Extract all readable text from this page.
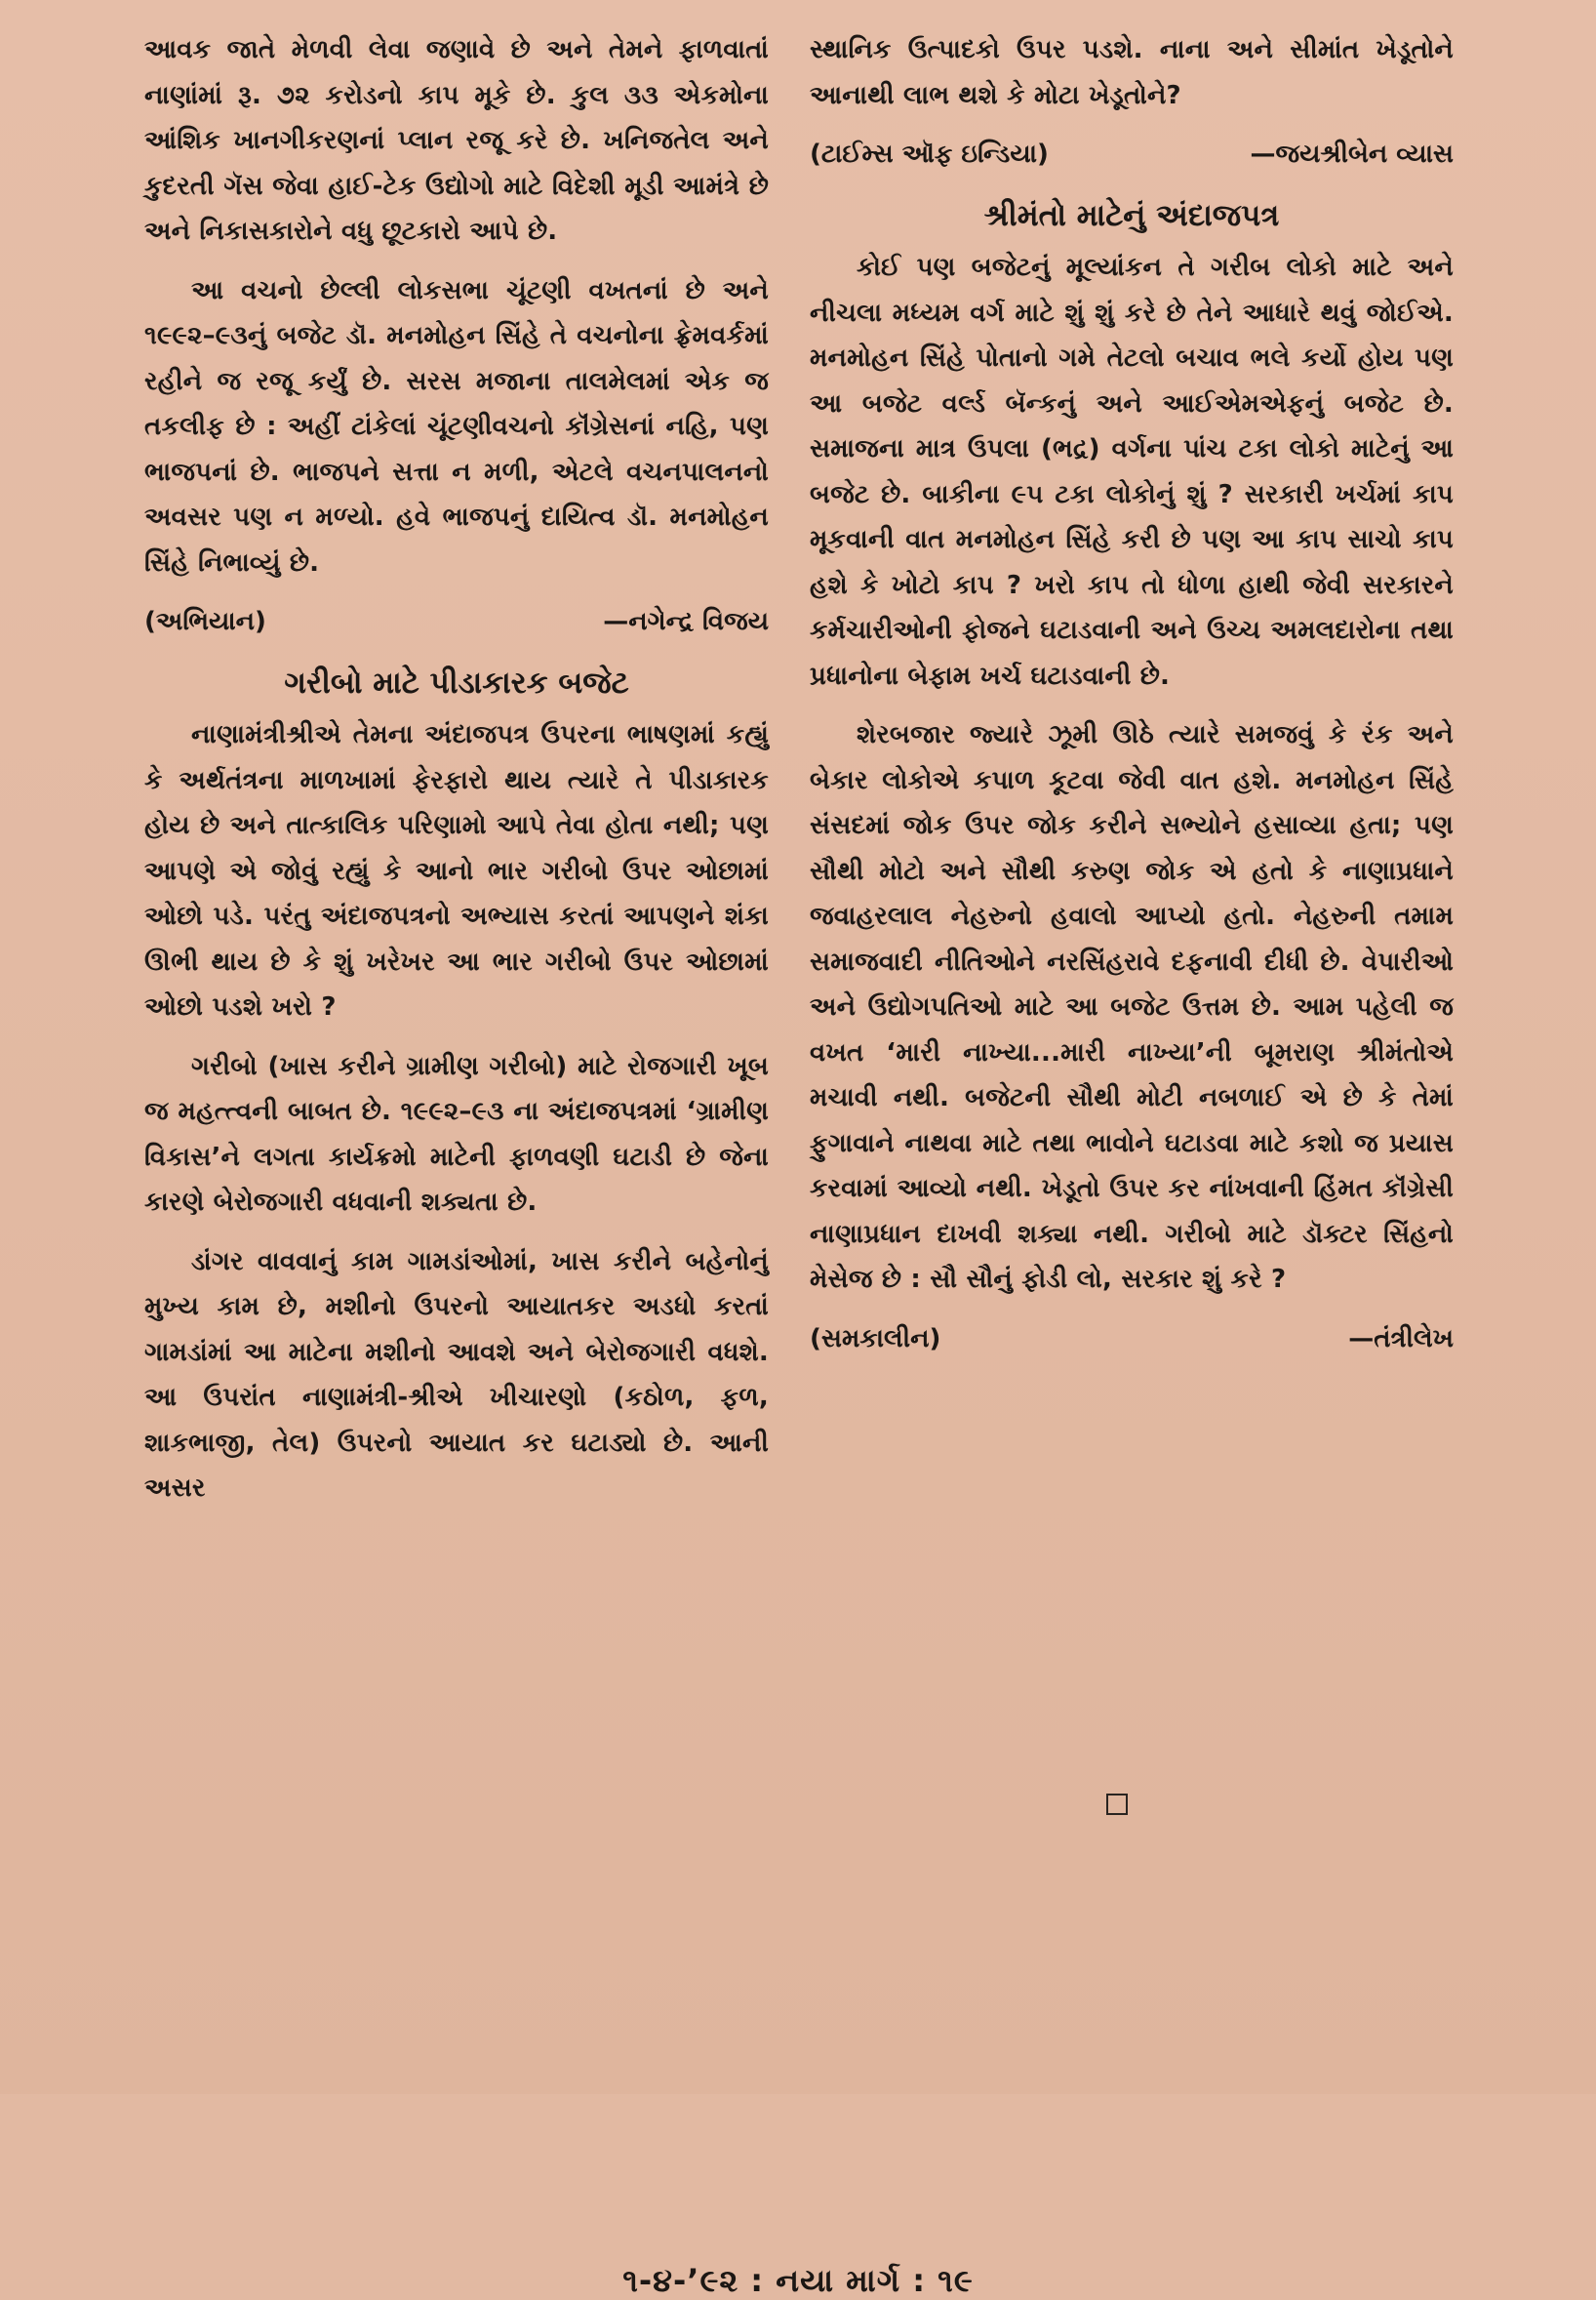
આવક જાતે મેળવી લેવા જણાવે છે અને તેમને ફાળવાતાં નાણાંમાં રૂ. ૭૨ કરોડનો કાપ મૂકે છે. કુલ ૩૩ એકમોના આંશિક ખાનગીકરણનાં પ્લાન રજૂ કરે છે. ખનિજતેલ અને કુદરતી ગૅસ જેવા હાઈ-ટેક ઉદ્યોગો માટે વિદેશી મૂડી આમંત્રે છે અને નિકાસકારોને વધુ છૂટકારો આપે છે.

આ વચનો છેલ્લી લોકસભા ચૂંટણી વખતનાં છે અને ૧૯૯૨–૯૩નું બજેટ ડૉ. મનમોહન સિંહે તે વચનોના ફ્રેમવર્કમાં રહીને જ રજૂ કર્યું છે. સરસ મજાના તાલમેલમાં એક જ તકલીફ છે : અહીં ટાંકેલાં ચૂંટણીવચનો કૉંગ્રેસનાં નહિ, પણ ભાજપનાં છે. ભાજપને સત્તા ન મળી, એટલે વચનપાલનનો અવસર પણ ન મળ્યો. હવે ભાજપનું દાયિત્વ ડૉ. મનમોહન સિંહે નિભાવ્યું છે.

(અભિયાન)	—નગેન્દ્ર વિજય
ગરીબો માટે પીડાકારક બજેટ

નાણામંત્રીશ્રીએ તેમના અંદાજપત્ર ઉપરના ભાષણમાં કહ્યું કે અર્થતંત્રના માળખામાં ફેરફારો થાય ત્યારે તે પીડાકારક હોય છે અને તાત્કાલિક પરિણામો આપે તેવા હોતા નથી; પણ આપણે એ જોવું રહ્યું કે આનો ભાર ગરીબો ઉપર ઓછામાં ઓછો પડે. પરંતુ અંદાજપત્રનો અભ્યાસ કરતાં આપણને શંકા ઊભી થાય છે કે શું ખરેખર આ ભાર ગરીબો ઉપર ઓછામાં ઓછો પડશે ખરો ?

ગરીબો (ખાસ કરીને ગ્રામીણ ગરીબો) માટે રોજગારી ખૂબ જ મહત્ત્વની બાબત છે. ૧૯૯૨–૯૩ ના અંદાજપત્રમાં ‘ગ્રામીણ વિકાસ’ને લગતા કાર્યક્રમો માટેની ફાળવણી ઘટાડી છે જેના કારણે બેરોજગારી વધવાની શક્યતા છે.

ડાંગર વાવવાનું કામ ગામડાંઓમાં, ખાસ કરીને બહેનોનું મુખ્ય કામ છે, મશીનો ઉપરનો આયાતકર અડધો કરતાં ગામડાંમાં આ માટેના મશીનો આવશે અને બેરોજગારી વધશે. આ ઉપરાંત નાણામંત્રી-શ્રીએ ખીચારણો (કઠોળ, ફળ, શાકભાજી, તેલ) ઉપરનો આયાત કર ઘટાડ્યો છે. આની અસર

સ્થાનિક ઉત્પાદકો ઉપર પડશે. નાના અને સીમાંત ખેડૂતોને આનાથી લાભ થશે કે મોટા ખેડૂતોને?

(ટાઈમ્સ ઑફ ઇન્ડિયા)	—જયશ્રીબેન વ્યાસ
શ્રીમંતો માટેનું અંદાજપત્ર

કોઈ પણ બજેટનું મૂલ્યાંકન તે ગરીબ લોકો માટે અને નીચલા મધ્યમ વર્ગ માટે શું શું કરે છે તેને આધારે થવું જોઈએ. મનમોહન સિંહે પોતાનો ગમે તેટલો બચાવ ભલે કર્યો હોય પણ આ બજેટ વર્લ્ડ બૅન્કનું અને આઈએમએફનું બજેટ છે. સમાજના માત્ર ઉપલા (ભદ્ર) વર્ગના પાંચ ટકા લોકો માટેનું આ બજેટ છે. બાકીના ૯૫ ટકા લોકોનું શું ? સરકારી ખર્ચમાં કાપ મૂકવાની વાત મનમોહન સિંહે કરી છે પણ આ કાપ સાચો કાપ હશે કે ખોટો કાપ ? ખરો કાપ તો ધોળા હાથી જેવી સરકારને કર્મચારીઓની ફોજને ઘટાડવાની અને ઉચ્ચ અમલદારોના તથા પ્રધાનોના બેફામ ખર્ચ ઘટાડવાની છે.

શેરબજાર જ્યારે ઝૂમી ઊઠે ત્યારે સમજવું કે રંક અને બેકાર લોકોએ કપાળ કૂટવા જેવી વાત હશે. મનમોહન સિંહે સંસદમાં જોક ઉપર જોક કરીને સભ્યોને હસાવ્યા હતા; પણ સૌથી મોટો અને સૌથી કરુણ જોક એ હતો કે નાણાપ્રધાને જવાહરલાલ નેહરુનો હવાલો આપ્યો હતો. નેહરુની તમામ સમાજવાદી નીતિઓને નરસિંહરાવે દફનાવી દીધી છે. વેપારીઓ અને ઉદ્યોગપતિઓ માટે આ બજેટ ઉત્તમ છે. આમ પહેલી જ વખત ‘મારી નાખ્યા...મારી નાખ્યા’ની બૂમરાણ શ્રીમંતોએ મચાવી નથી. બજેટની સૌથી મોટી નબળાઈ એ છે કે તેમાં ફુગાવાને નાથવા માટે તથા ભાવોને ઘટાડવા માટે કશો જ પ્રયાસ કરવામાં આવ્યો નથી. ખેડૂતો ઉપર કર નાંખવાની હિંમત કૉંગ્રેસી નાણાપ્રધાન દાખવી શક્યા નથી. ગરીબો માટે ડૉક્ટર સિંહનો મેસેજ છે : સૌ સૌનું ફોડી લો, સરકાર શું કરે ?

(સમકાલીન)	—તંત્રીલેખ
૧-૪-’૯૨ : નયા માર્ગ : ૧૯
